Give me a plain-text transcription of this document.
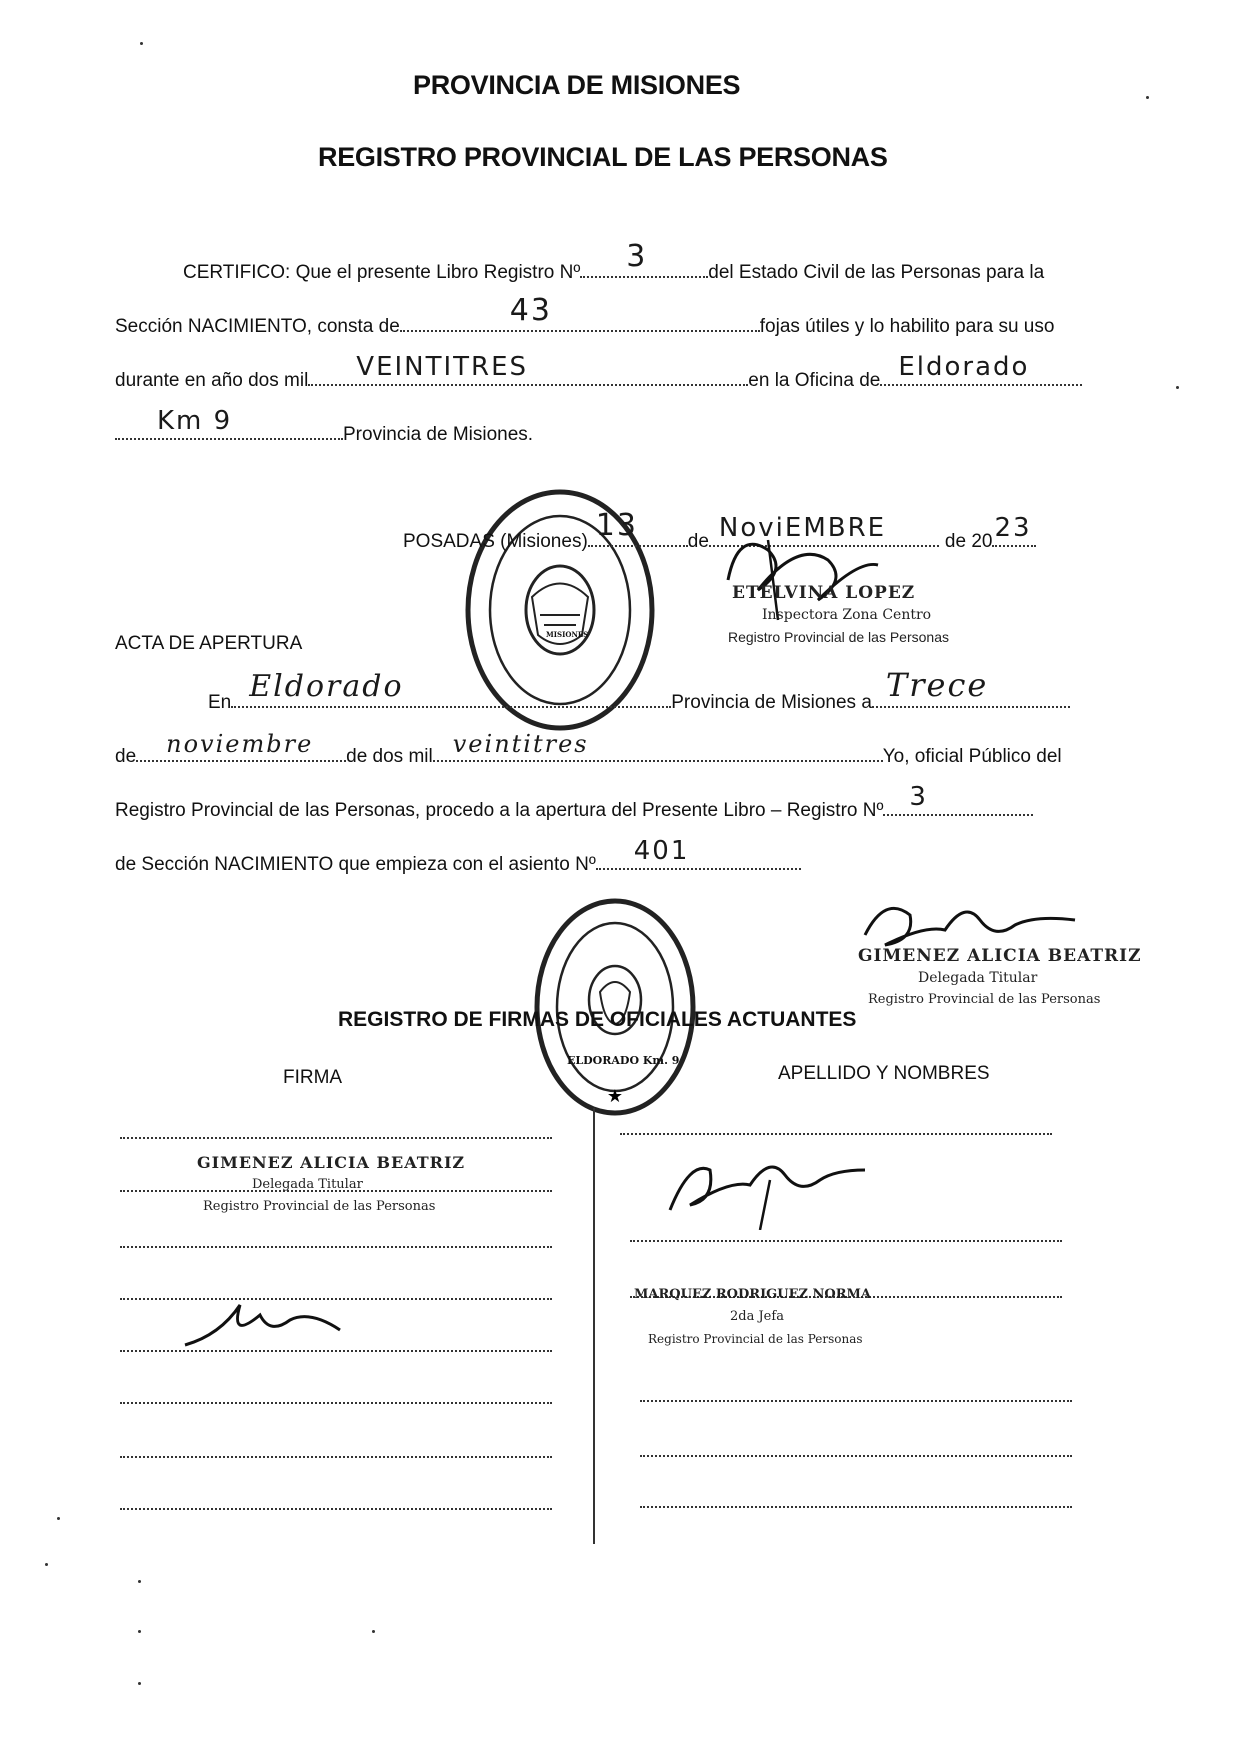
PROVINCIA DE MISIONES
REGISTRO PROVINCIAL DE LAS PERSONAS
CERTIFICO: Que el presente Libro Registro Nº 3	del Estado Civil de las Personas para la
Sección NACIMIENTO, consta de	43	fojas útiles y lo habilito para su uso
durante en año dos mil VEINTITRES	en la Oficina de Eldorado
Km 9	Provincia de Misiones.
MISIONES
POSADAS (Misiones) 13	de NoviEMBRE	de 20 23
ETELVINA LOPEZ
Inspectora Zona Centro
Registro Provincial de las Personas
ACTA DE APERTURA
En Eldorado	Provincia de Misiones a Trece
de noviembre de dos mil veintitres	Yo, oficial Público del
Registro Provincial de las Personas, procedo a la apertura del Presente Libro – Registro Nº 3
de Sección NACIMIENTO que empieza con el asiento Nº 401
GIMENEZ ALICIA BEATRIZ
Delegada Titular
Registro Provincial de las Personas
★
ELDORADO Km. 9
REGISTRO DE FIRMAS DE OFICIALES ACTUANTES
FIRMA	APELLIDO Y NOMBRES
GIMENEZ ALICIA BEATRIZ
Delegada Titular
Registro Provincial de las Personas
MARQUEZ RODRIGUEZ NORMA
2da Jefa
Registro Provincial de las Personas
